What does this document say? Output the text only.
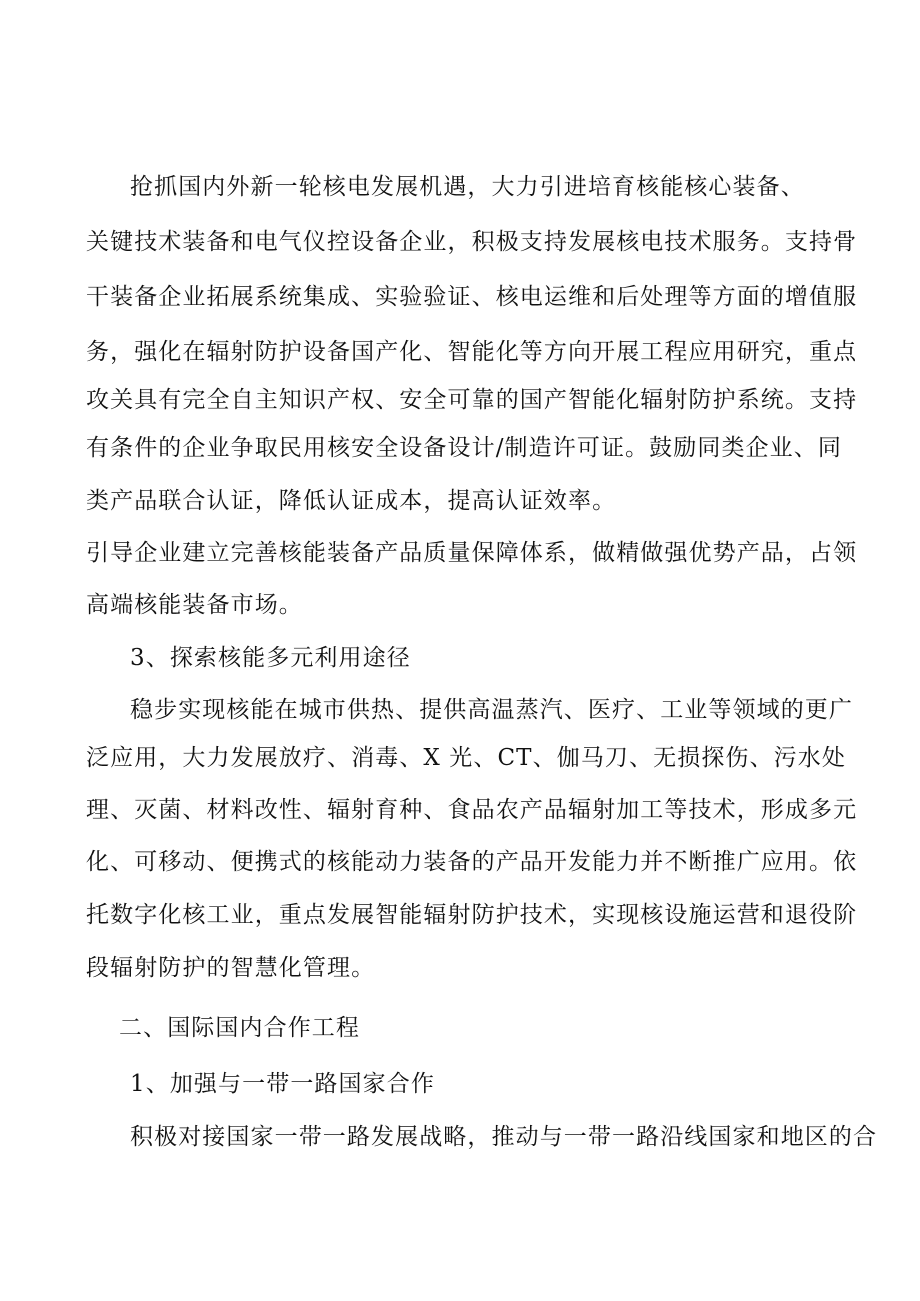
抢抓国内外新一轮核电发展机遇，大力引进培育核能核心装备、
关键技术装备和电气仪控设备企业，积极支持发展核电技术服务。支持骨
干装备企业拓展系统集成、实验验证、核电运维和后处理等方面的增值服
务，强化在辐射防护设备国产化、智能化等方向开展工程应用研究，重点
攻关具有完全自主知识产权、安全可靠的国产智能化辐射防护系统。支持
有条件的企业争取民用核安全设备设计/制造许可证。鼓励同类企业、同
类产品联合认证，降低认证成本，提高认证效率。
引导企业建立完善核能装备产品质量保障体系，做精做强优势产品，占领
高端核能装备市场。
3、探索核能多元利用途径
稳步实现核能在城市供热、提供高温蒸汽、医疗、工业等领域的更广
泛应用，大力发展放疗、消毒、X 光、CT、伽马刀、无损探伤、污水处
理、灭菌、材料改性、辐射育种、食品农产品辐射加工等技术，形成多元
化、可移动、便携式的核能动力装备的产品开发能力并不断推广应用。依
托数字化核工业，重点发展智能辐射防护技术，实现核设施运营和退役阶
段辐射防护的智慧化管理。
二、国际国内合作工程
1、加强与一带一路国家合作
积极对接国家一带一路发展战略，推动与一带一路沿线国家和地区的合
